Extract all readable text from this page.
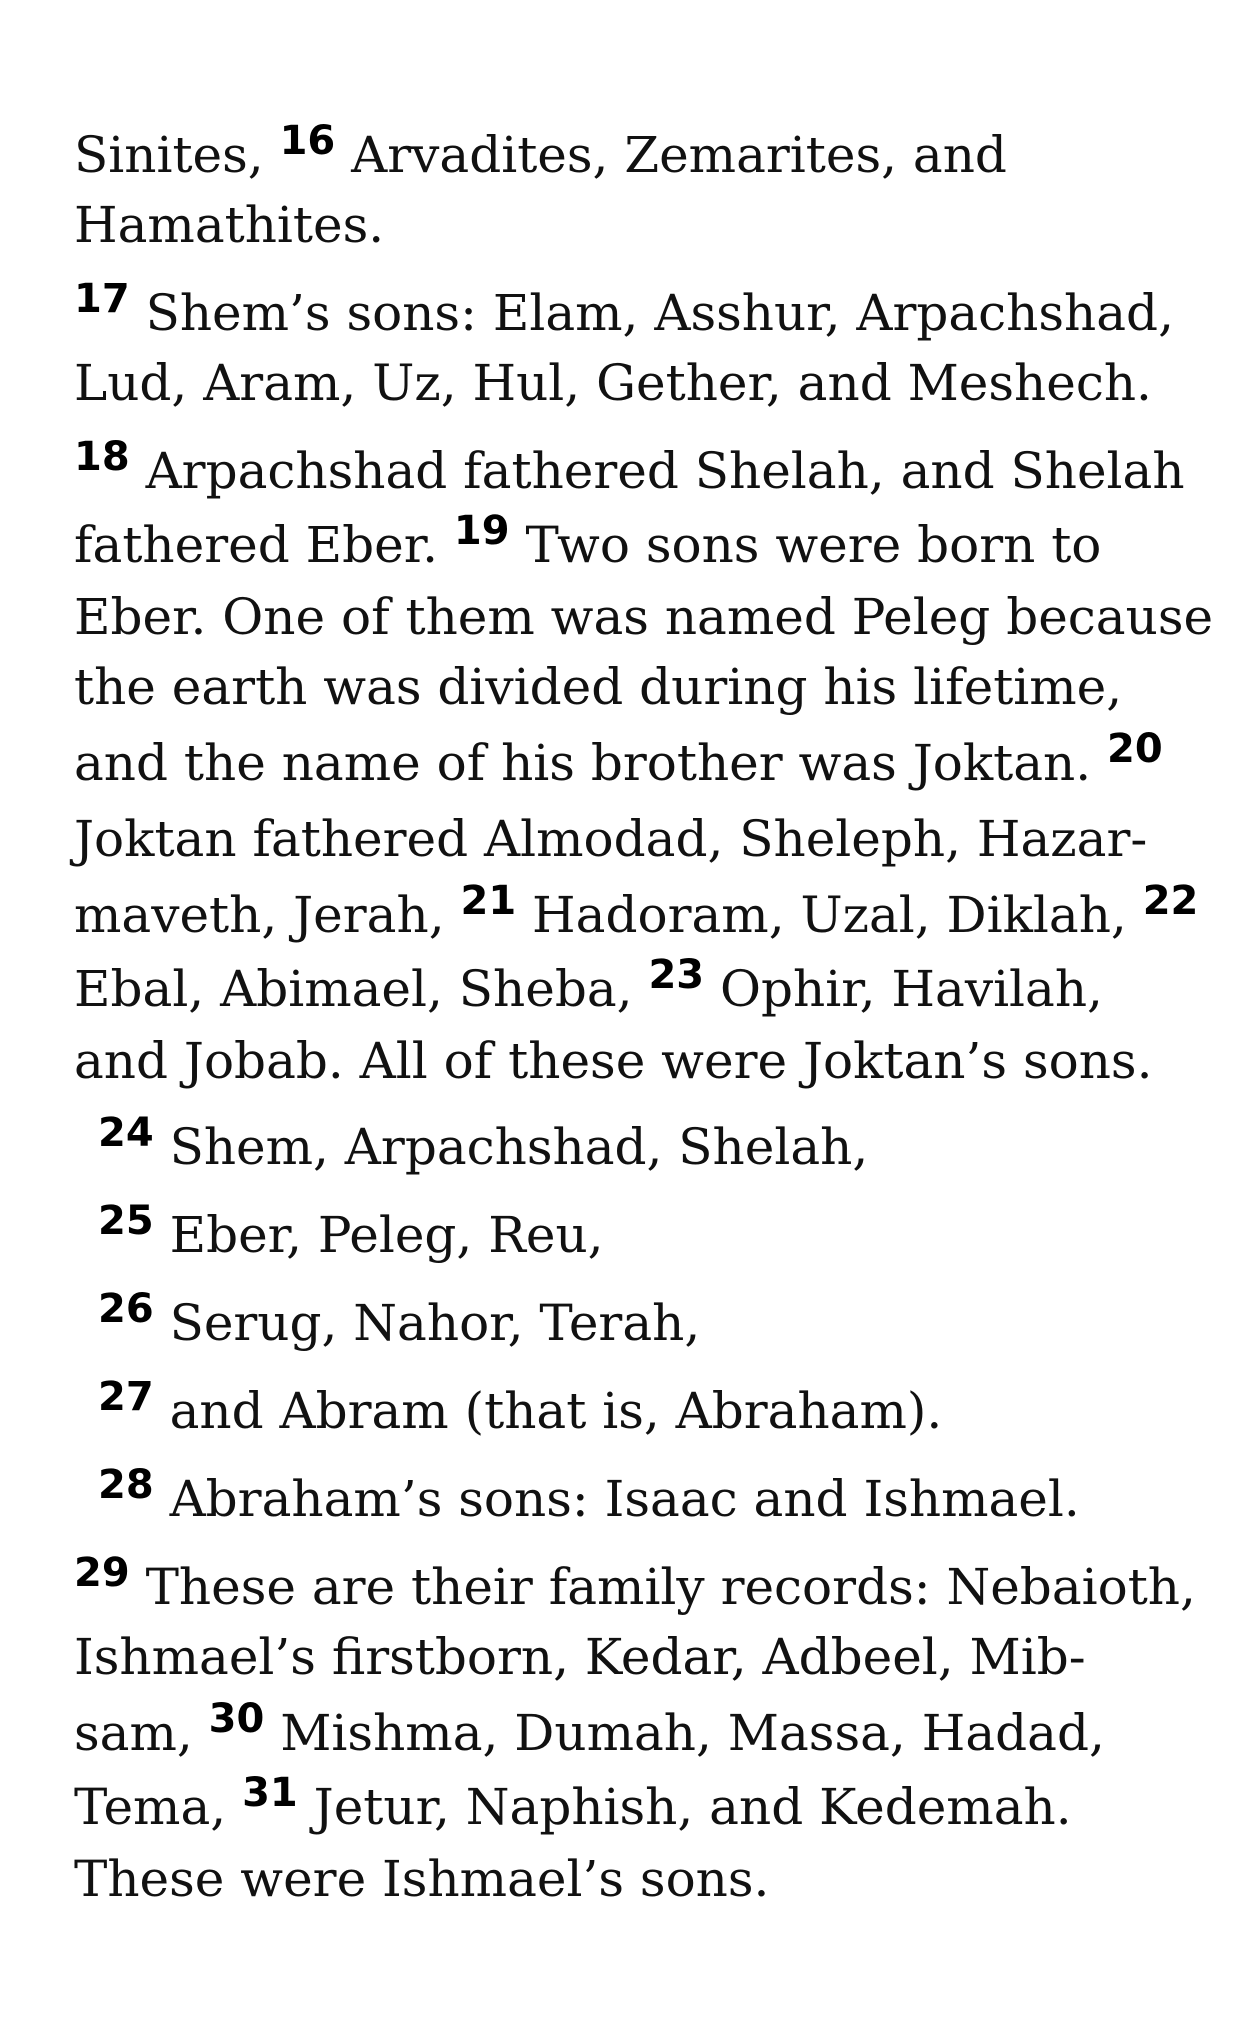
Sinites, $^{16}$ Arvadites, Zemarites, and
Hamathites.
$^{17}$ Shem’s sons: Elam, Asshur, Arpachshad,
Lud, Aram, Uz, Hul, Gether, and Meshech.
$^{18}$ Arpachshad fathered Shelah, and Shelah
fathered Eber. $^{19}$ Two sons were born to
Eber. One of them was named Peleg because
the earth was divided during his lifetime,
and the name of his brother was Joktan. $^{20}$
Joktan fathered Almodad, Sheleph, Hazar-
maveth, Jerah, $^{21}$ Hadoram, Uzal, Diklah, $^{22}$
Ebal, Abimael, Sheba, $^{23}$ Ophir, Havilah,
and Jobab. All of these were Joktan’s sons.
$^{24}$ Shem, Arpachshad, Shelah,
$^{25}$ Eber, Peleg, Reu,
$^{26}$ Serug, Nahor, Terah,
$^{27}$ and Abram (that is, Abraham).
$^{28}$ Abraham’s sons: Isaac and Ishmael.
$^{29}$ These are their family records: Nebaioth,
Ishmael’s firstborn, Kedar, Adbeel, Mib-
sam, $^{30}$ Mishma, Dumah, Massa, Hadad,
Tema, $^{31}$ Jetur, Naphish, and Kedemah.
These were Ishmael’s sons.
